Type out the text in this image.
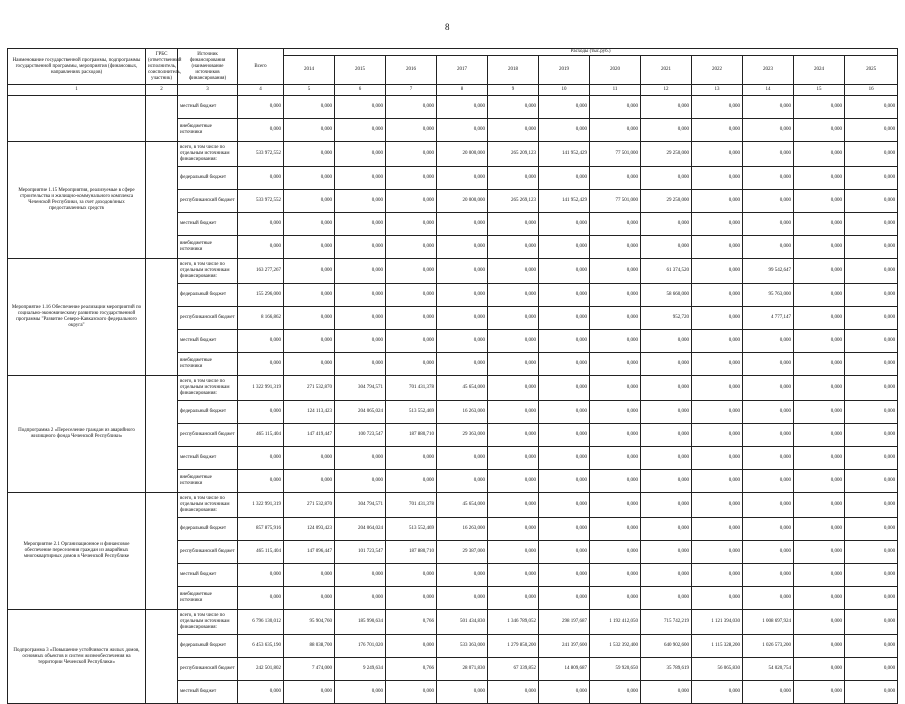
8
Наименование государственной программы, подпрограммы государственной программы, мероприятия (финансовых, направлениях расходов)	ГРБС (ответственный исполнитель, соисполнитель, участник)	Источник финансирования (наименование источников финансирования)	Всего	Расходы (тыс.руб.)											
				2014	2015	2016	2017	2018	2019	2020	2021	2022	2023	2024	2025
1	2	3	4	5	6	7	8	9	10	11	12	13	14	15	16
		местный бюджет	0,000	0,000	0,000	0,000	0,000	0,000	0,000	0,000	0,000	0,000	0,000	0,000	0,000
		внебюджетные источники	0,000	0,000	0,000	0,000	0,000	0,000	0,000	0,000	0,000	0,000	0,000	0,000	0,000
Мероприятие 1.15 Мероприятия, реализуемые в сфере строительства и жилищно-коммунального комплекса Чеченской Республики, за счет доходов/иных предоставленных средств		всего, в том числе по отдельным источникам финансирования:	533 972,552	0,000	0,000	0,000	20 000,000	265 209,123	141 952,429	77 501,000	29 250,000	0,000	0,000	0,000	0,000
		федеральный бюджет	0,000	0,000	0,000	0,000	0,000	0,000	0,000	0,000	0,000	0,000	0,000	0,000	0,000
		республиканский бюджет	533 972,552	0,000	0,000	0,000	20 000,000	265 269,123	141 952,429	77 501,000	29 250,000	0,000	0,000	0,000	0,000
		местный бюджет	0,000	0,000	0,000	0,000	0,000	0,000	0,000	0,000	0,000	0,000	0,000	0,000	0,000
		внебюджетные источники	0,000	0,000	0,000	0,000	0,000	0,000	0,000	0,000	0,000	0,000	0,000	0,000	0,000
Мероприятие 1.16 Обеспечение реализации мероприятий по социально-экономическому развитию государственной программы "Развитие Северо-Кавказского федерального округа"		всего, в том числе по отдельным источникам финансирования:	163 277,267	0,000	0,000	0,000	0,000	0,000	0,000	0,000	61 374,520	0,000	99 542,647	0,000	0,000
		федеральный бюджет	155 296,000	0,000	0,000	0,000	0,000	0,000	0,000	0,000	58 660,000	0,000	95 763,000	0,000	0,000
		республиканский бюджет	8 166,862	0,000	0,000	0,000	0,000	0,000	0,000	0,000	952,720	0,000	4 777,147	0,000	0,000
		местный бюджет	0,000	0,000	0,000	0,000	0,000	0,000	0,000	0,000	0,000	0,000	0,000	0,000	0,000
		внебюджетные источники	0,000	0,000	0,000	0,000	0,000	0,000	0,000	0,000	0,000	0,000	0,000	0,000	0,000
Подпрограмма 2 «Переселение граждан из аварийного жилищного фонда Чеченской Республики»		всего, в том числе по отдельным источникам финансирования:	1 322 991,319	271 532,870	304 794,571	701 431,378	45 654,000	0,000	0,000	0,000	0,000	0,000	0,000	0,000	0,000
		федеральный бюджет	0,000	124 113,423	204 065,024	513 552,469	16 263,000	0,000	0,000	0,000	0,000	0,000	0,000	0,000	0,000
		республиканский бюджет	465 115,404	147 419,447	100 723,547	187 880,710	29 363,000	0,000	0,000	0,000	0,000	0,000	0,000	0,000	0,000
		местный бюджет	0,000	0,000	0,000	0,000	0,000	0,000	0,000	0,000	0,000	0,000	0,000	0,000	0,000
		внебюджетные источники	0,000	0,000	0,000	0,000	0,000	0,000	0,000	0,000	0,000	0,000	0,000	0,000	0,000
Мероприятие 2.1 Организационное и финансовое обеспечение переселения граждан из аварийных многоквартирных домов в Чеченской Республике		всего, в том числе по отдельным источникам финансирования:	1 322 991,319	271 532,870	304 794,571	701 431,378	45 654,000	0,000	0,000	0,000	0,000	0,000	0,000	0,000	0,000
		федеральный бюджет	857 875,916	124 093,423	204 064,024	513 552,469	16 263,000	0,000	0,000	0,000	0,000	0,000	0,000	0,000	0,000
		республиканский бюджет	465 115,404	147 096,447	101 723,547	187 880,710	29 387,000	0,000	0,000	0,000	0,000	0,000	0,000	0,000	0,000
		местный бюджет	0,000	0,000	0,000	0,000	0,000	0,000	0,000	0,000	0,000	0,000	0,000	0,000	0,000
		внебюджетные источники	0,000	0,000	0,000	0,000	0,000	0,000	0,000	0,000	0,000	0,000	0,000	0,000	0,000
Подпрограмма 3 «Повышение устойчивости жилых домов, основных объектов и систем жизнеобеспечения на территории Чеченской Республики»		всего, в том числе по отдельным источникам финансирования:	6 796 130,012	95 904,760	185 990,634	0,766	501 434,830	1 346 789,052	298 197,687	1 192 412,050	715 742,219	1 121 394,030	1 008 697,924	0,000	0,000
		федеральный бюджет	6 453 635,190	88 038,700	176 701,020	0,000	533 363,000	1 279 850,200	241 397,600	1 532 392,400	640 902,600	1 115 328,200	1 026 573,200	0,000	0,000
		республиканский бюджет	242 501,802	7 474,000	9 249,634	0,766	28 071,830	67 339,852	14 809,687	59 920,650	35 789,619	56 065,830	54 020,754	0,000	0,000
		местный бюджет	0,000	0,000	0,000	0,000	0,000	0,000	0,000	0,000	0,000	0,000	0,000	0,000	0,000
